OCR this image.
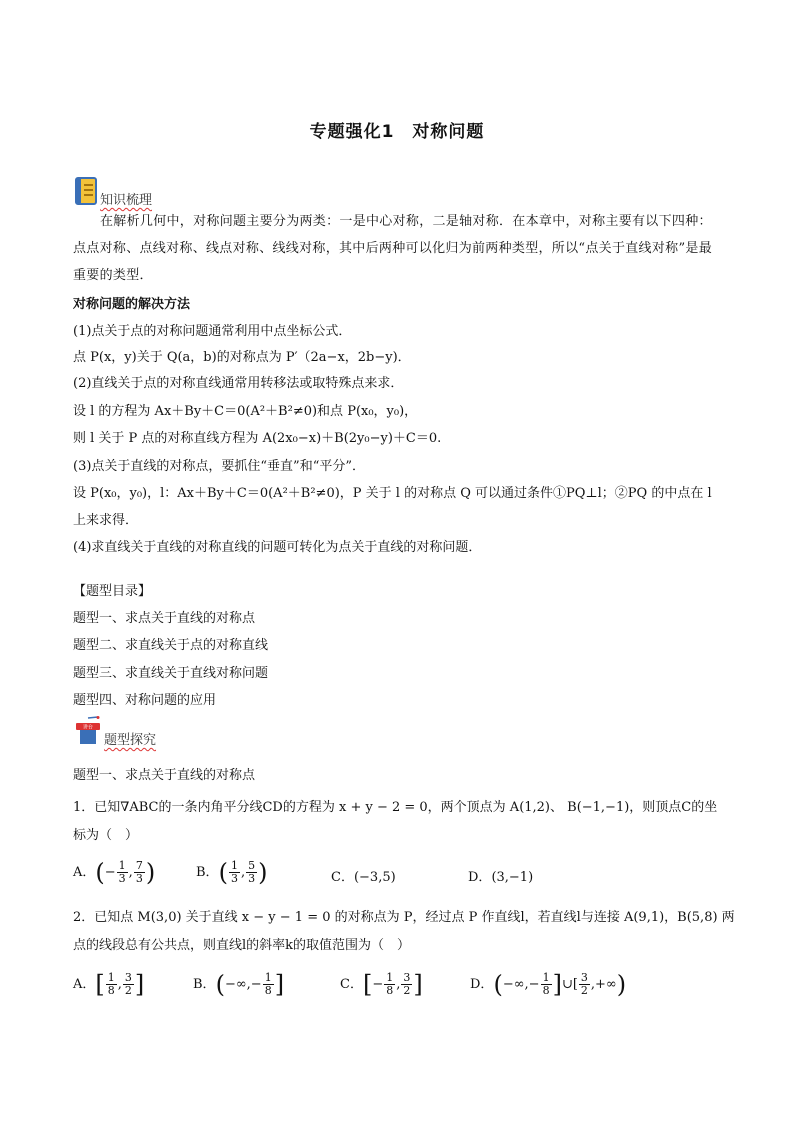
专题强化1　对称问题
知识梳理
在解析几何中，对称问题主要分为两类：一是中心对称，二是轴对称．在本章中，对称主要有以下四种：点点对称、点线对称、线点对称、线线对称，其中后两种可以化归为前两种类型，所以“点关于直线对称”是最重要的类型．
对称问题的解决方法
(1)点关于点的对称问题通常利用中点坐标公式．
点 P(x，y)关于 Q(a，b)的对称点为 P′（2a−x，2b−y)．
(2)直线关于点的对称直线通常用转移法或取特殊点来求．
设 l 的方程为 Ax＋By＋C＝0(A²＋B²≠0)和点 P(x₀，y₀)，
则 l 关于 P 点的对称直线方程为 A(2x₀−x)＋B(2y₀−y)＋C＝0.
(3)点关于直线的对称点，要抓住“垂直”和“平分”．
设 P(x₀，y₀)，l：Ax＋By＋C＝0(A²＋B²≠0)，P 关于 l 的对称点 Q 可以通过条件①PQ⊥l；②PQ 的中点在 l
上来求得．
(4)求直线关于直线的对称直线的问题可转化为点关于直线的对称问题．
【题型目录】
题型一、求点关于直线的对称点
题型二、求直线关于点的对称直线
题型三、求直线关于直线对称问题
题型四、对称问题的应用
讲台
题型探究
题型一、求点关于直线的对称点
1．已知∇ABC的一条内角平分线CD的方程为 x + y − 2 = 0，两个顶点为 A(1,2)、 B(−1,−1)，则顶点C的坐
标为（　）
A．(− $\frac{1}{3}$ , $\frac{7}{3}$ )	B．( $\frac{1}{3}$ , $\frac{5}{3}$ )	C．(−3,5)	D．(3,−1)
2．已知点 M(3,0) 关于直线 x − y − 1 = 0 的对称点为 P，经过点 P 作直线l，若直线l与连接 A(9,1)，B(5,8) 两
点的线段总有公共点，则直线l的斜率k的取值范围为（　）
A．[ $\frac{1}{8}$ , $\frac{3}{2}$ ]	B．(−∞,− $\frac{1}{8}$ ]	C．[− $\frac{1}{8}$ , $\frac{3}{2}$ ]	D．(−∞,− $\frac{1}{8}$ ]∪[ $\frac{3}{2}$ ,+∞)
